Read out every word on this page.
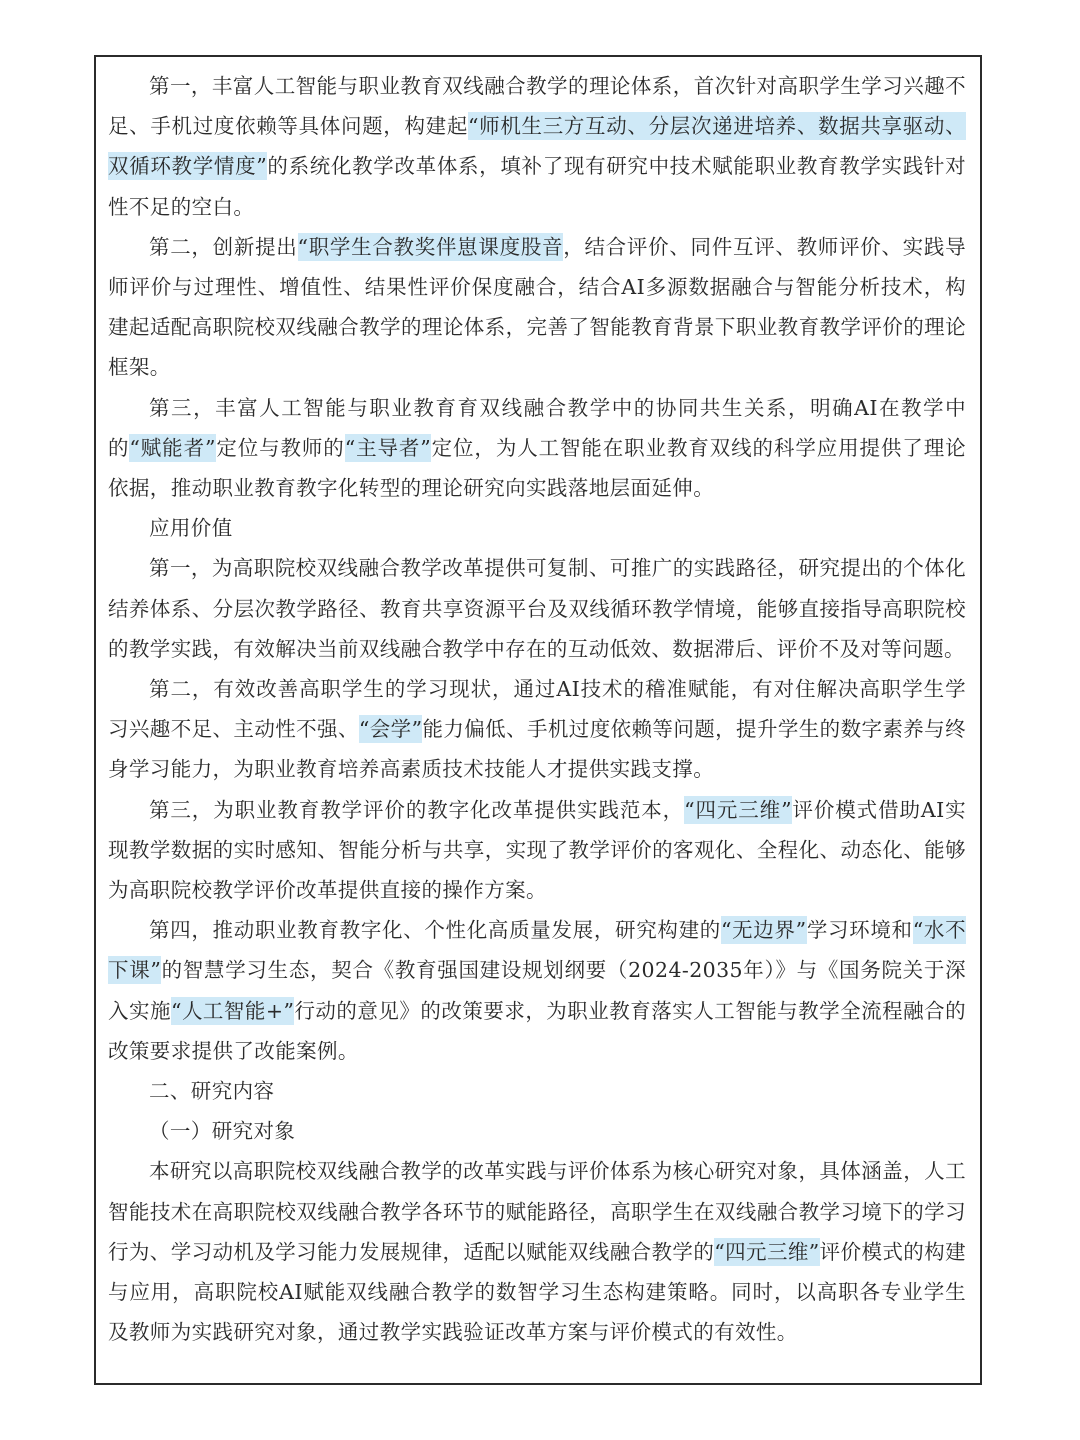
第一，丰富人工智能与职业教育双线融合教学的理论体系，首次针对高职学生学习兴趣不足、手机过度依赖等具体问题，构建起“师机生三方互动、分层次递进培养、数据共享驱动、双循环教学情度”的系统化教学改革体系，填补了现有研究中技术赋能职业教育教学实践针对性不足的空白。

第二，创新提出“职学生合教奖伴崽课度股音，结合评价、同件互评、教师评价、实践导师评价与过理性、增值性、结果性评价保度融合，结合AI多源数据融合与智能分析技术，构建起适配高职院校双线融合教学的理论体系，完善了智能教育背景下职业教育教学评价的理论框架。

第三，丰富人工智能与职业教育育双线融合教学中的协同共生关系，明确AI在教学中的“赋能者”定位与教师的“主导者”定位，为人工智能在职业教育双线的科学应用提供了理论依据，推动职业教育教字化转型的理论研究向实践落地层面延伸。

应用价值

第一，为高职院校双线融合教学改革提供可复制、可推广的实践路径，研究提出的个体化结养体系、分层次教学路径、教育共享资源平台及双线循环教学情境，能够直接指导高职院校的教学实践，有效解决当前双线融合教学中存在的互动低效、数据滞后、评价不及对等问题。

第二，有效改善高职学生的学习现状，通过AI技术的稽准赋能，有对住解决高职学生学习兴趣不足、主动性不强、“会学”能力偏低、手机过度依赖等问题，提升学生的数字素养与终身学习能力，为职业教育培养高素质技术技能人才提供实践支撑。

第三，为职业教育教学评价的教字化改革提供实践范本，“四元三维”评价模式借助AI实现教学数据的实时感知、智能分析与共享，实现了教学评价的客观化、全程化、动态化、能够为高职院校教学评价改革提供直接的操作方案。

第四，推动职业教育教字化、个性化高质量发展，研究构建的“无边界”学习环境和“水不下课”的智慧学习生态，契合《教育强国建设规划纲要（2024-2035年）》与《国务院关于深入实施“人工智能+”行动的意见》的改策要求，为职业教育落实人工智能与教学全流程融合的改策要求提供了改能案例。

二、研究内容

（一）研究对象

本研究以高职院校双线融合教学的改革实践与评价体系为核心研究对象，具体涵盖，人工智能技术在高职院校双线融合教学各环节的赋能路径，高职学生在双线融合教学习境下的学习行为、学习动机及学习能力发展规律，适配以赋能双线融合教学的“四元三维”评价模式的构建与应用，高职院校AI赋能双线融合教学的数智学习生态构建策略。同时，以高职各专业学生及教师为实践研究对象，通过教学实践验证改革方案与评价模式的有效性。
